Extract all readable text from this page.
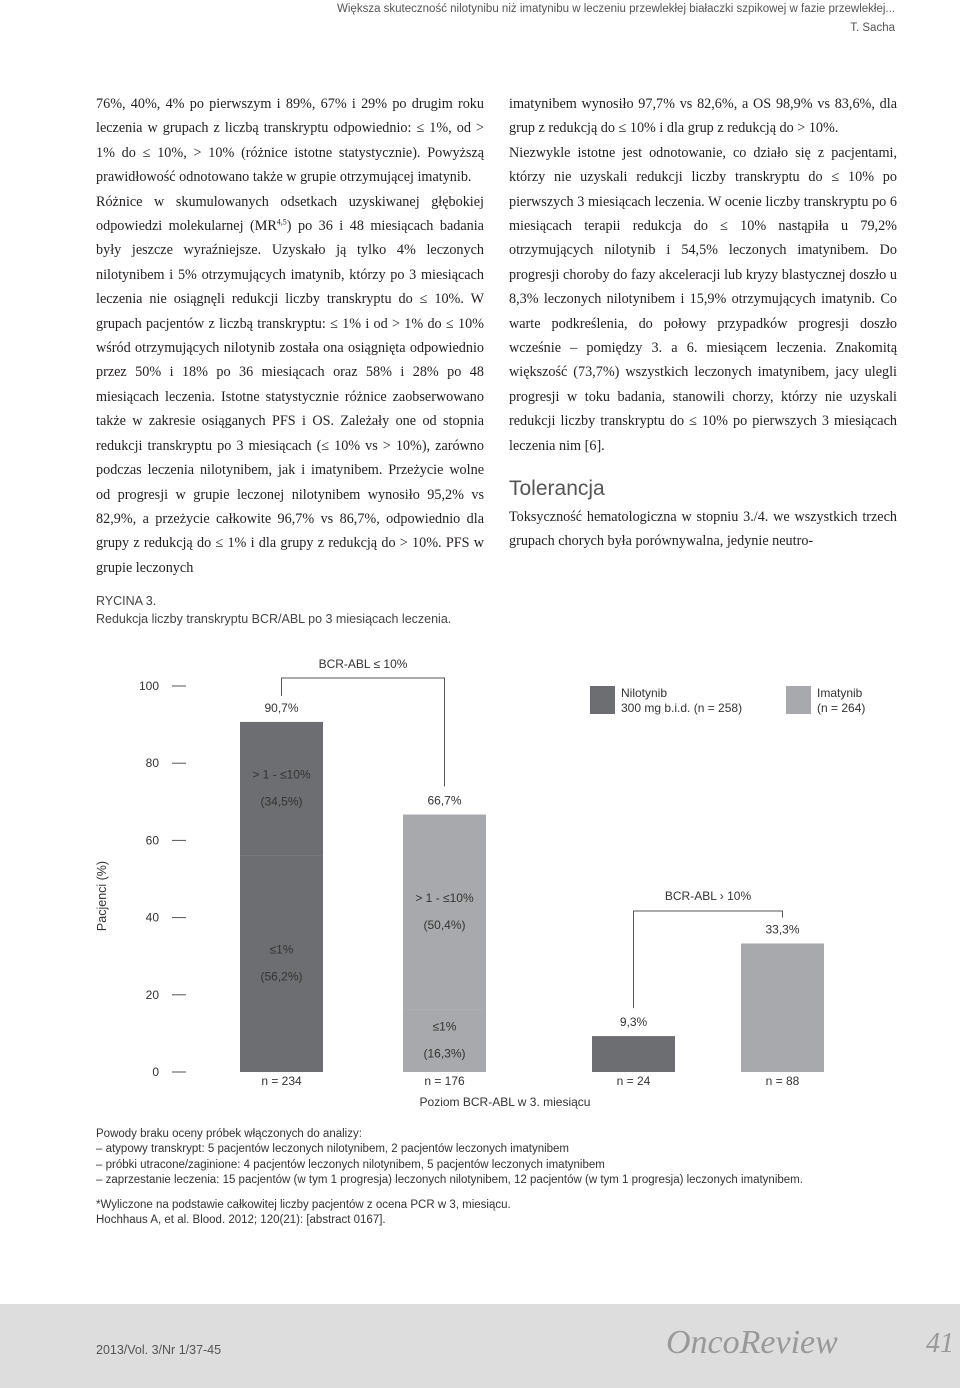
Większa skuteczność nilotynibu niż imatynibu w leczeniu przewlekłej białaczki szpikowej w fazie przewlekłej...
T. Sacha

76%, 40%, 4% po pierwszym i 89%, 67% i 29% po drugim roku leczenia w grupach z liczbą transkryptu odpowiednio: ≤ 1%, od > 1% do ≤ 10%, > 10% (różnice istotne statystycznie). Powyższą prawidłowość odnotowano także w grupie otrzymującej imatynib.

Różnice w skumulowanych odsetkach uzyskiwanej głębokiej odpowiedzi molekularnej (MR$^{4,5}$) po 36 i 48 miesiącach badania były jeszcze wyraźniejsze. Uzyskało ją tylko 4% leczonych nilotynibem i 5% otrzymujących imatynib, którzy po 3 miesiącach leczenia nie osiągnęli redukcji liczby transkryptu do ≤ 10%. W grupach pacjentów z liczbą transkryptu: ≤ 1% i od > 1% do ≤ 10% wśród otrzymujących nilotynib została ona osiągnięta odpowiednio przez 50% i 18% po 36 miesiącach oraz 58% i 28% po 48 miesiącach leczenia. Istotne statystycznie różnice zaobserwowano także w zakresie osiąganych PFS i OS. Zależały one od stopnia redukcji transkryptu po 3 miesiącach (≤ 10% vs > 10%), zarówno podczas leczenia nilotynibem, jak i imatynibem. Przeżycie wolne od progresji w grupie leczonej nilotynibem wynosiło 95,2% vs 82,9%, a przeżycie całkowite 96,7% vs 86,7%, odpowiednio dla grupy z redukcją do ≤ 1% i dla grupy z redukcją do > 10%. PFS w grupie leczonych

imatynibem wynosiło 97,7% vs 82,6%, a OS 98,9% vs 83,6%, dla grup z redukcją do ≤ 10% i dla grup z redukcją do > 10%.

Niezwykle istotne jest odnotowanie, co działo się z pacjentami, którzy nie uzyskali redukcji liczby transkryptu do ≤ 10% po pierwszych 3 miesiącach leczenia. W ocenie liczby transkryptu po 6 miesiącach terapii redukcja do ≤ 10% nastąpiła u 79,2% otrzymujących nilotynib i 54,5% leczonych imatynibem. Do progresji choroby do fazy akceleracji lub kryzy blastycznej doszło u 8,3% leczonych nilotynibem i 15,9% otrzymujących imatynib. Co warte podkreślenia, do połowy przypadków progresji doszło wcześnie – pomiędzy 3. a 6. miesiącem leczenia. Znakomitą większość (73,7%) wszystkich leczonych imatynibem, jacy ulegli progresji w toku badania, stanowili chorzy, którzy nie uzyskali redukcji liczby transkryptu do ≤ 10% po pierwszych 3 miesiącach leczenia nim [6].

Tolerancja

Toksyczność hematologiczna w stopniu 3./4. we wszystkich trzech grupach chorych była porównywalna, jedynie neutro-

RYCINA 3.
Redukcja liczby transkryptu BCR/ABL po 3 miesiącach leczenia.
0
20
40
60
80
100
Pacjenci (%)
≤1%
(56,2%)
> 1 - ≤10%
(34,5%)
90,7%
n = 234
≤1%
(16,3%)
> 1 - ≤10%
(50,4%)
66,7%
n = 176
9,3%
n = 24
33,3%
n = 88
BCR-ABL ≤ 10%
BCR-ABL › 10%
Poziom BCR-ABL w 3. miesiącu
Nilotynib
300 mg b.i.d. (n = 258)
Imatynib
(n = 264)
Powody braku oceny próbek włączonych do analizy:
– atypowy transkrypt: 5 pacjentów leczonych nilotynibem, 2 pacjentów leczonych imatynibem
– próbki utracone/zaginione: 4 pacjentów leczonych nilotynibem, 5 pacjentów leczonych imatynibem
– zaprzestanie leczenia: 15 pacjentów (w tym 1 progresja) leczonych nilotynibem, 12 pacjentów (w tym 1 progresja) leczonych imatynibem.
*Wyliczone na podstawie całkowitej liczby pacjentów z ocena PCR w 3, miesiącu.
Hochhaus A, et al. Blood. 2012; 120(21): [abstract 0167].
2013/Vol. 3/Nr 1/37-45	OncoReview	41
